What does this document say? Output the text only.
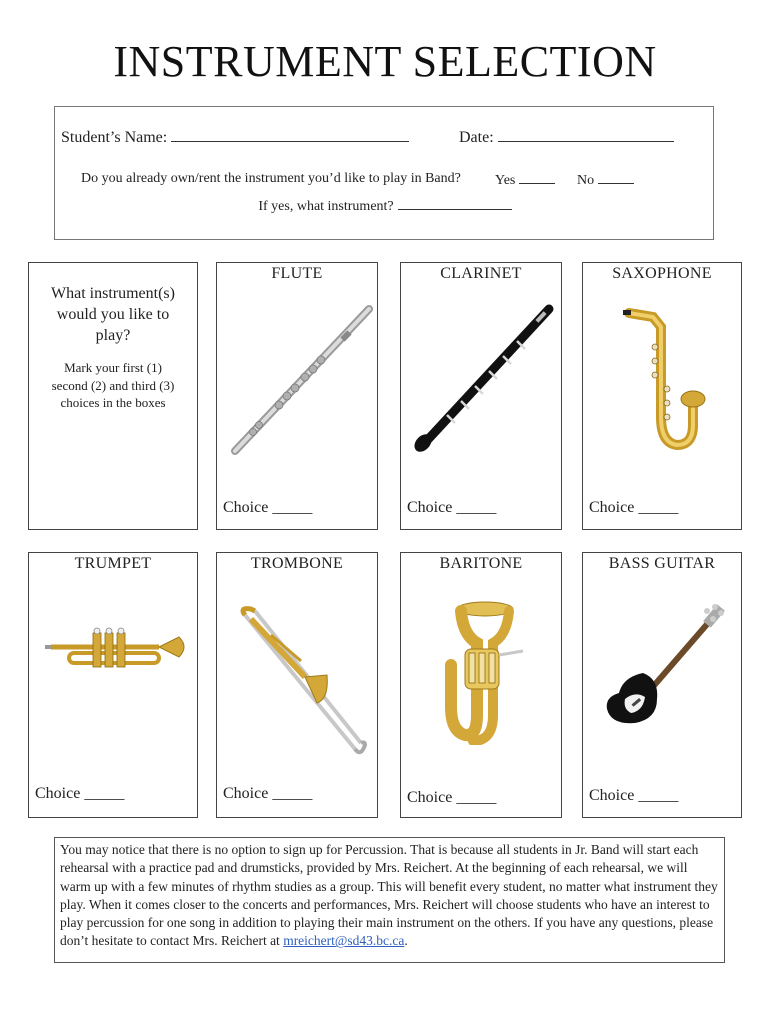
INSTRUMENT SELECTION
Student’s Name:	Date:
Do you already own/rent the instrument you’d like to play in Band? Yes	No
If yes, what instrument?
What instrument(s) would you like to play?
Mark your first (1) second (2) and third (3) choices in the boxes
FLUTE
Choice _____
CLARINET
Choice _____
SAXOPHONE
Choice _____
TRUMPET
Choice _____
TROMBONE
Choice _____
BARITONE
Choice _____
BASS GUITAR
Choice _____
You may notice that there is no option to sign up for Percussion. That is because all students in Jr. Band will start each rehearsal with a practice pad and drumsticks, provided by Mrs. Reichert. At the beginning of each rehearsal, we will warm up with a few minutes of rhythm studies as a group. This will benefit every student, no matter what instrument they play. When it comes closer to the concerts and performances, Mrs. Reichert will choose students who have an interest to play percussion for one song in addition to playing their main instrument on the others. If you have any questions, please don’t hesitate to contact Mrs. Reichert at mreichert@sd43.bc.ca.
